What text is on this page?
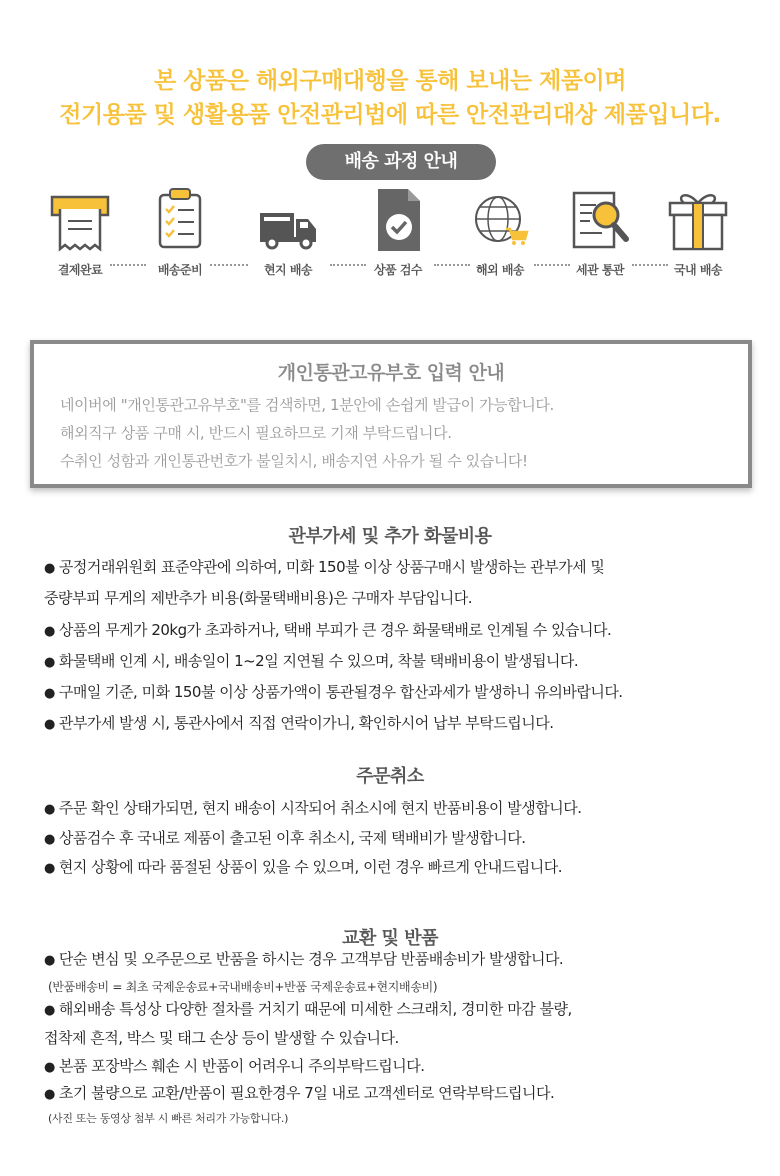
본 상품은 해외구매대행을 통해 보내는 제품이며
전기용품 및 생활용품 안전관리법에 따른 안전관리대상 제품입니다.
배송 과정 안내
결제완료	배송준비	현지 배송	상품 검수	해외 배송	세관 통관	국내 배송
개인통관고유부호 입력 안내
네이버에 "개인통관고유부호"를 검색하면, 1분안에 손쉽게 발급이 가능합니다.
해외직구 상품 구매 시, 반드시 필요하므로 기재 부탁드립니다.
수취인 성함과 개인통관번호가 불일치시, 배송지연 사유가 될 수 있습니다!
관부가세 및 추가 화물비용
● 공정거래위원회 표준약관에 의하여, 미화 150불 이상 상품구매시 발생하는 관부가세 및
중량부피 무게의 제반추가 비용(화물택배비용)은 구매자 부담입니다.
● 상품의 무게가 20kg가 초과하거나, 택배 부피가 큰 경우 화물택배로 인계될 수 있습니다.
● 화물택배 인계 시, 배송일이 1~2일 지연될 수 있으며, 착불 택배비용이 발생됩니다.
● 구매일 기준, 미화 150불 이상 상품가액이 통관될경우 합산과세가 발생하니 유의바랍니다.
● 관부가세 발생 시, 통관사에서 직접 연락이가니, 확인하시어 납부 부탁드립니다.
주문취소
● 주문 확인 상태가되면, 현지 배송이 시작되어 취소시에 현지 반품비용이 발생합니다.
● 상품검수 후 국내로 제품이 출고된 이후 취소시, 국제 택배비가 발생합니다.
● 현지 상황에 따라 품절된 상품이 있을 수 있으며, 이런 경우 빠르게 안내드립니다.
교환 및 반품
● 단순 변심 및 오주문으로 반품을 하시는 경우 고객부담 반품배송비가 발생합니다.
(반품배송비 = 최초 국제운송료+국내배송비+반품 국제운송료+현지배송비)
● 해외배송 특성상 다양한 절차를 거치기 때문에 미세한 스크래치, 경미한 마감 불량,
접착제 흔적, 박스 및 태그 손상 등이 발생할 수 있습니다.
● 본품 포장박스 훼손 시 반품이 어려우니 주의부탁드립니다.
● 초기 불량으로 교환/반품이 필요한경우 7일 내로 고객센터로 연락부탁드립니다.
(사진 또는 동영상 첨부 시 빠른 처리가 가능합니다.)
